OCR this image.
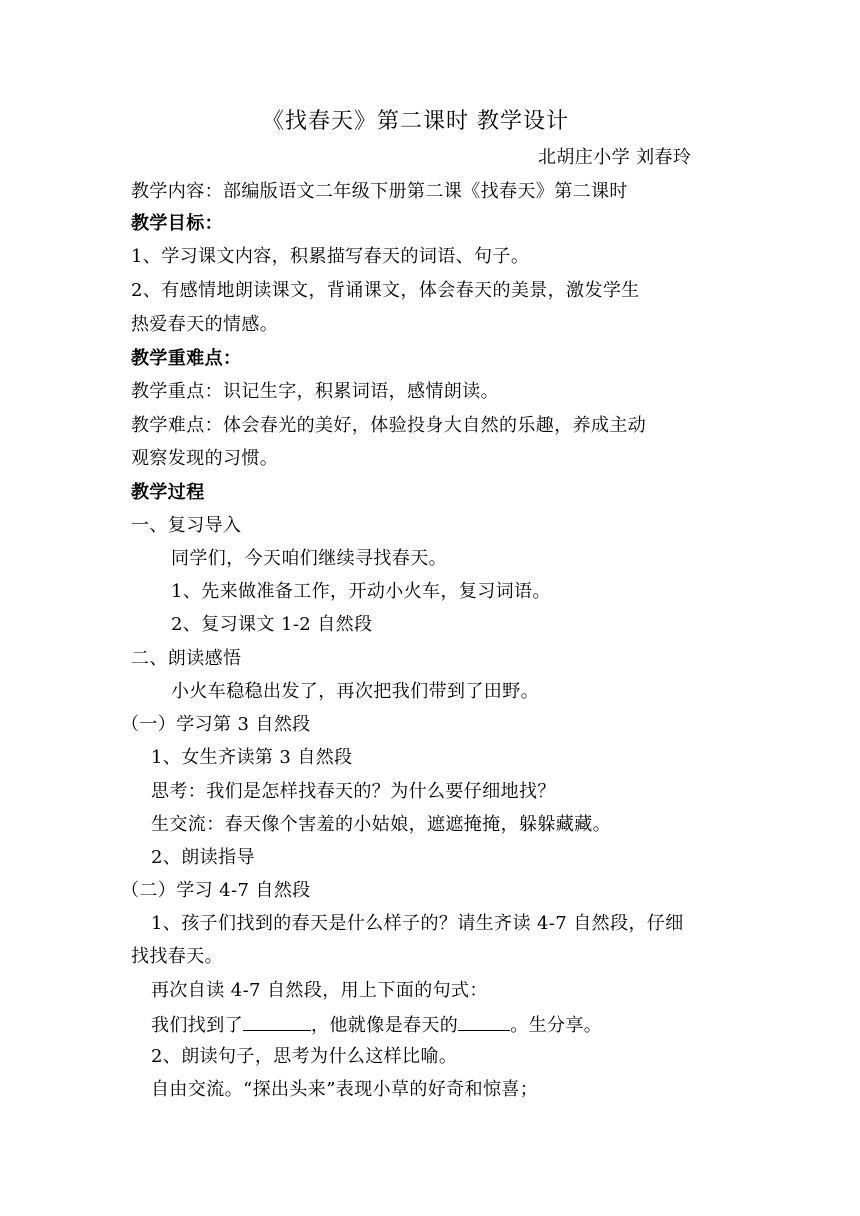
《找春天》第二课时 教学设计
北胡庄小学 刘春玲
教学内容：部编版语文二年级下册第二课《找春天》第二课时
教学目标：
1、学习课文内容，积累描写春天的词语、句子。
2、有感情地朗读课文，背诵课文，体会春天的美景，激发学生
热爱春天的情感。
教学重难点：
教学重点：识记生字，积累词语，感情朗读。
教学难点：体会春光的美好，体验投身大自然的乐趣，养成主动
观察发现的习惯。
教学过程
一、复习导入
同学们，今天咱们继续寻找春天。
1、先来做准备工作，开动小火车，复习词语。
2、复习课文 1-2 自然段
二、朗读感悟
小火车稳稳出发了，再次把我们带到了田野。
（一）学习第 3 自然段
1、女生齐读第 3 自然段
思考：我们是怎样找春天的？为什么要仔细地找？
生交流：春天像个害羞的小姑娘，遮遮掩掩，躲躲藏藏。
2、朗读指导
（二）学习 4-7 自然段
1、孩子们找到的春天是什么样子的？请生齐读 4-7 自然段，仔细
找找春天。
再次自读 4-7 自然段，用上下面的句式：
我们找到了	，他就像是春天的	。生分享。
2、朗读句子，思考为什么这样比喻。
自由交流。“探出头来”表现小草的好奇和惊喜；
